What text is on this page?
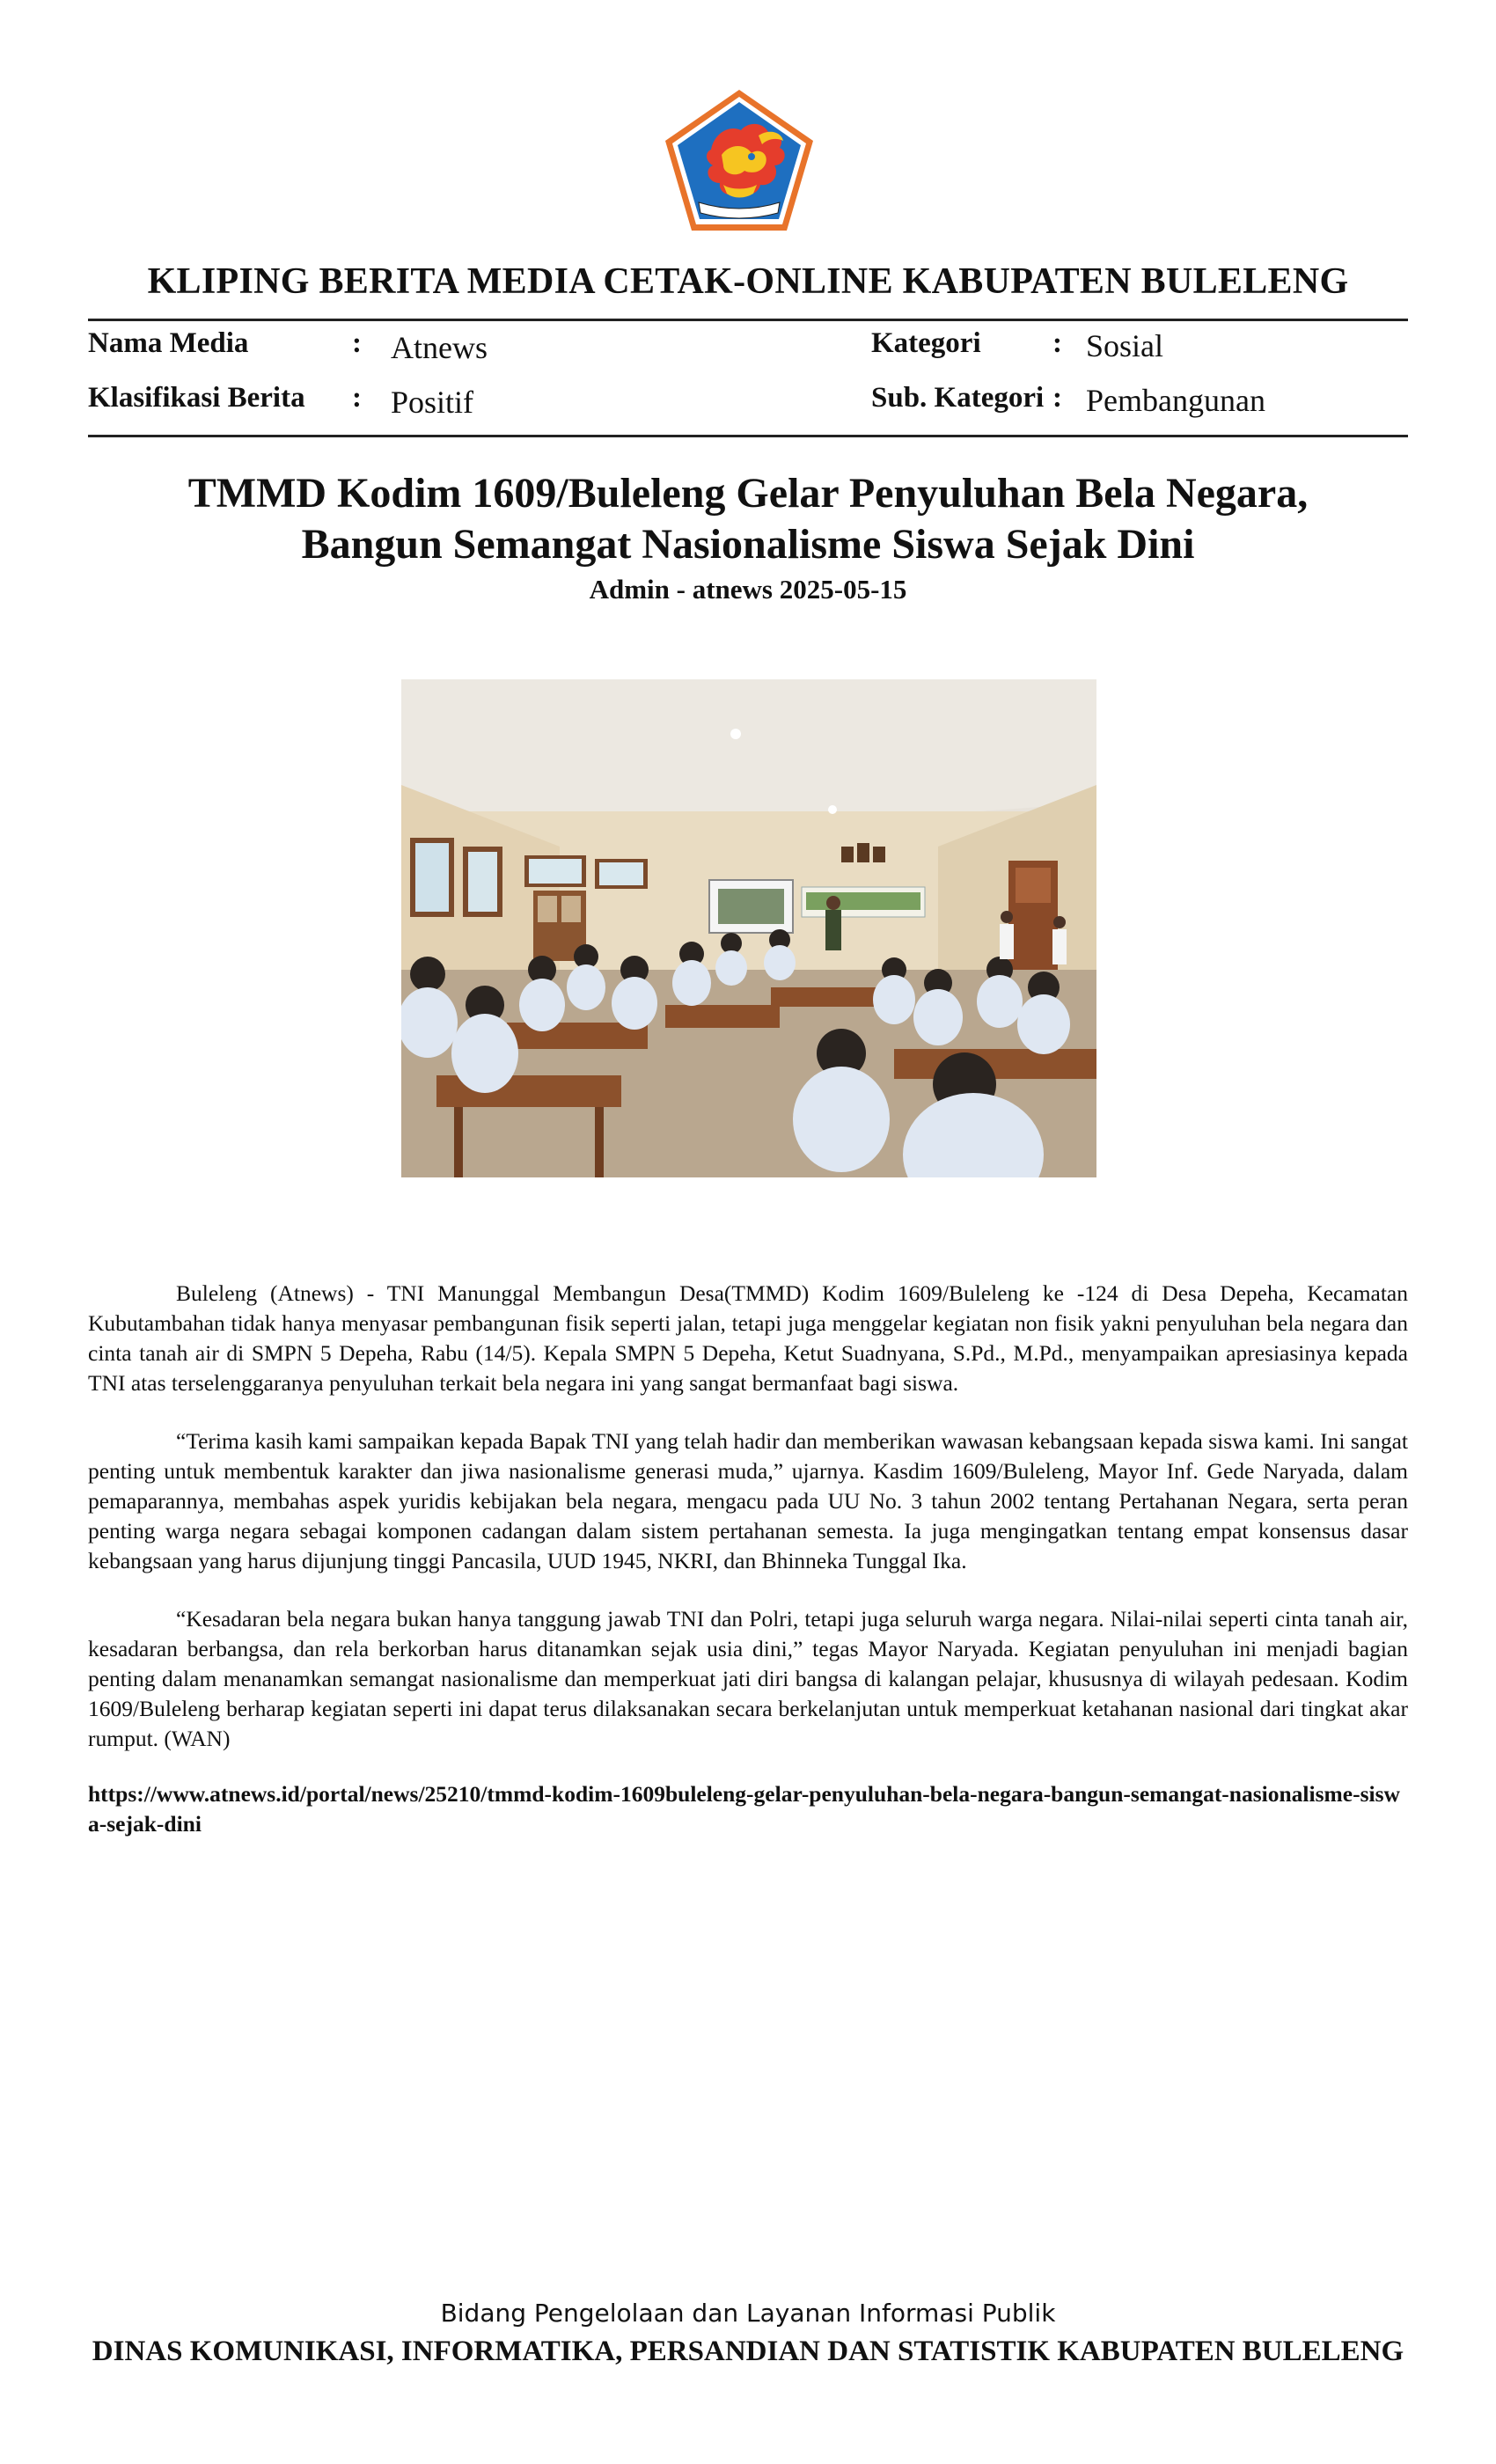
KLIPING BERITA MEDIA CETAK-ONLINE KABUPATEN BULELENG
Nama Media	: Atnews
Klasifikasi Berita : Positif
Kategori : Sosial
Sub. Kategori : Pembangunan
TMMD Kodim 1609/Buleleng Gelar Penyuluhan Bela Negara,
Bangun Semangat Nasionalisme Siswa Sejak Dini
Admin - atnews 2025-05-15

Buleleng (Atnews) - TNI Manunggal Membangun Desa(TMMD) Kodim 1609/Buleleng ke -124 di Desa Depeha, Kecamatan Kubutambahan tidak hanya menyasar pembangunan fisik seperti jalan, tetapi juga menggelar kegiatan non fisik yakni penyuluhan bela negara dan cinta tanah air di SMPN 5 Depeha, Rabu (14/5). Kepala SMPN 5 Depeha, Ketut Suadnyana, S.Pd., M.Pd., menyampaikan apresiasinya kepada TNI atas terselenggaranya penyuluhan terkait bela negara ini yang sangat bermanfaat bagi siswa.

“Terima kasih kami sampaikan kepada Bapak TNI yang telah hadir dan memberikan wawasan kebangsaan kepada siswa kami. Ini sangat penting untuk membentuk karakter dan jiwa nasionalisme generasi muda,” ujarnya. Kasdim 1609/Buleleng, Mayor Inf. Gede Naryada, dalam pemaparannya, membahas aspek yuridis kebijakan bela negara, mengacu pada UU No. 3 tahun 2002 tentang Pertahanan Negara, serta peran penting warga negara sebagai komponen cadangan dalam sistem pertahanan semesta. Ia juga mengingatkan tentang empat konsensus dasar kebangsaan yang harus dijunjung tinggi Pancasila, UUD 1945, NKRI, dan Bhinneka Tunggal Ika.

“Kesadaran bela negara bukan hanya tanggung jawab TNI dan Polri, tetapi juga seluruh warga negara. Nilai-nilai seperti cinta tanah air, kesadaran berbangsa, dan rela berkorban harus ditanamkan sejak usia dini,” tegas Mayor Naryada. Kegiatan penyuluhan ini menjadi bagian penting dalam menanamkan semangat nasionalisme dan memperkuat jati diri bangsa di kalangan pelajar, khususnya di wilayah pedesaan. Kodim 1609/Buleleng berharap kegiatan seperti ini dapat terus dilaksanakan secara berkelanjutan untuk memperkuat ketahanan nasional dari tingkat akar rumput. (WAN)

https://www.atnews.id/portal/news/25210/tmmd-kodim-1609buleleng-gelar-penyuluhan-bela-negara-bangun-semangat-nasionalisme-siswa-sejak-dini
Bidang Pengelolaan dan Layanan Informasi Publik
DINAS KOMUNIKASI, INFORMATIKA, PERSANDIAN DAN STATISTIK KABUPATEN BULELENG
